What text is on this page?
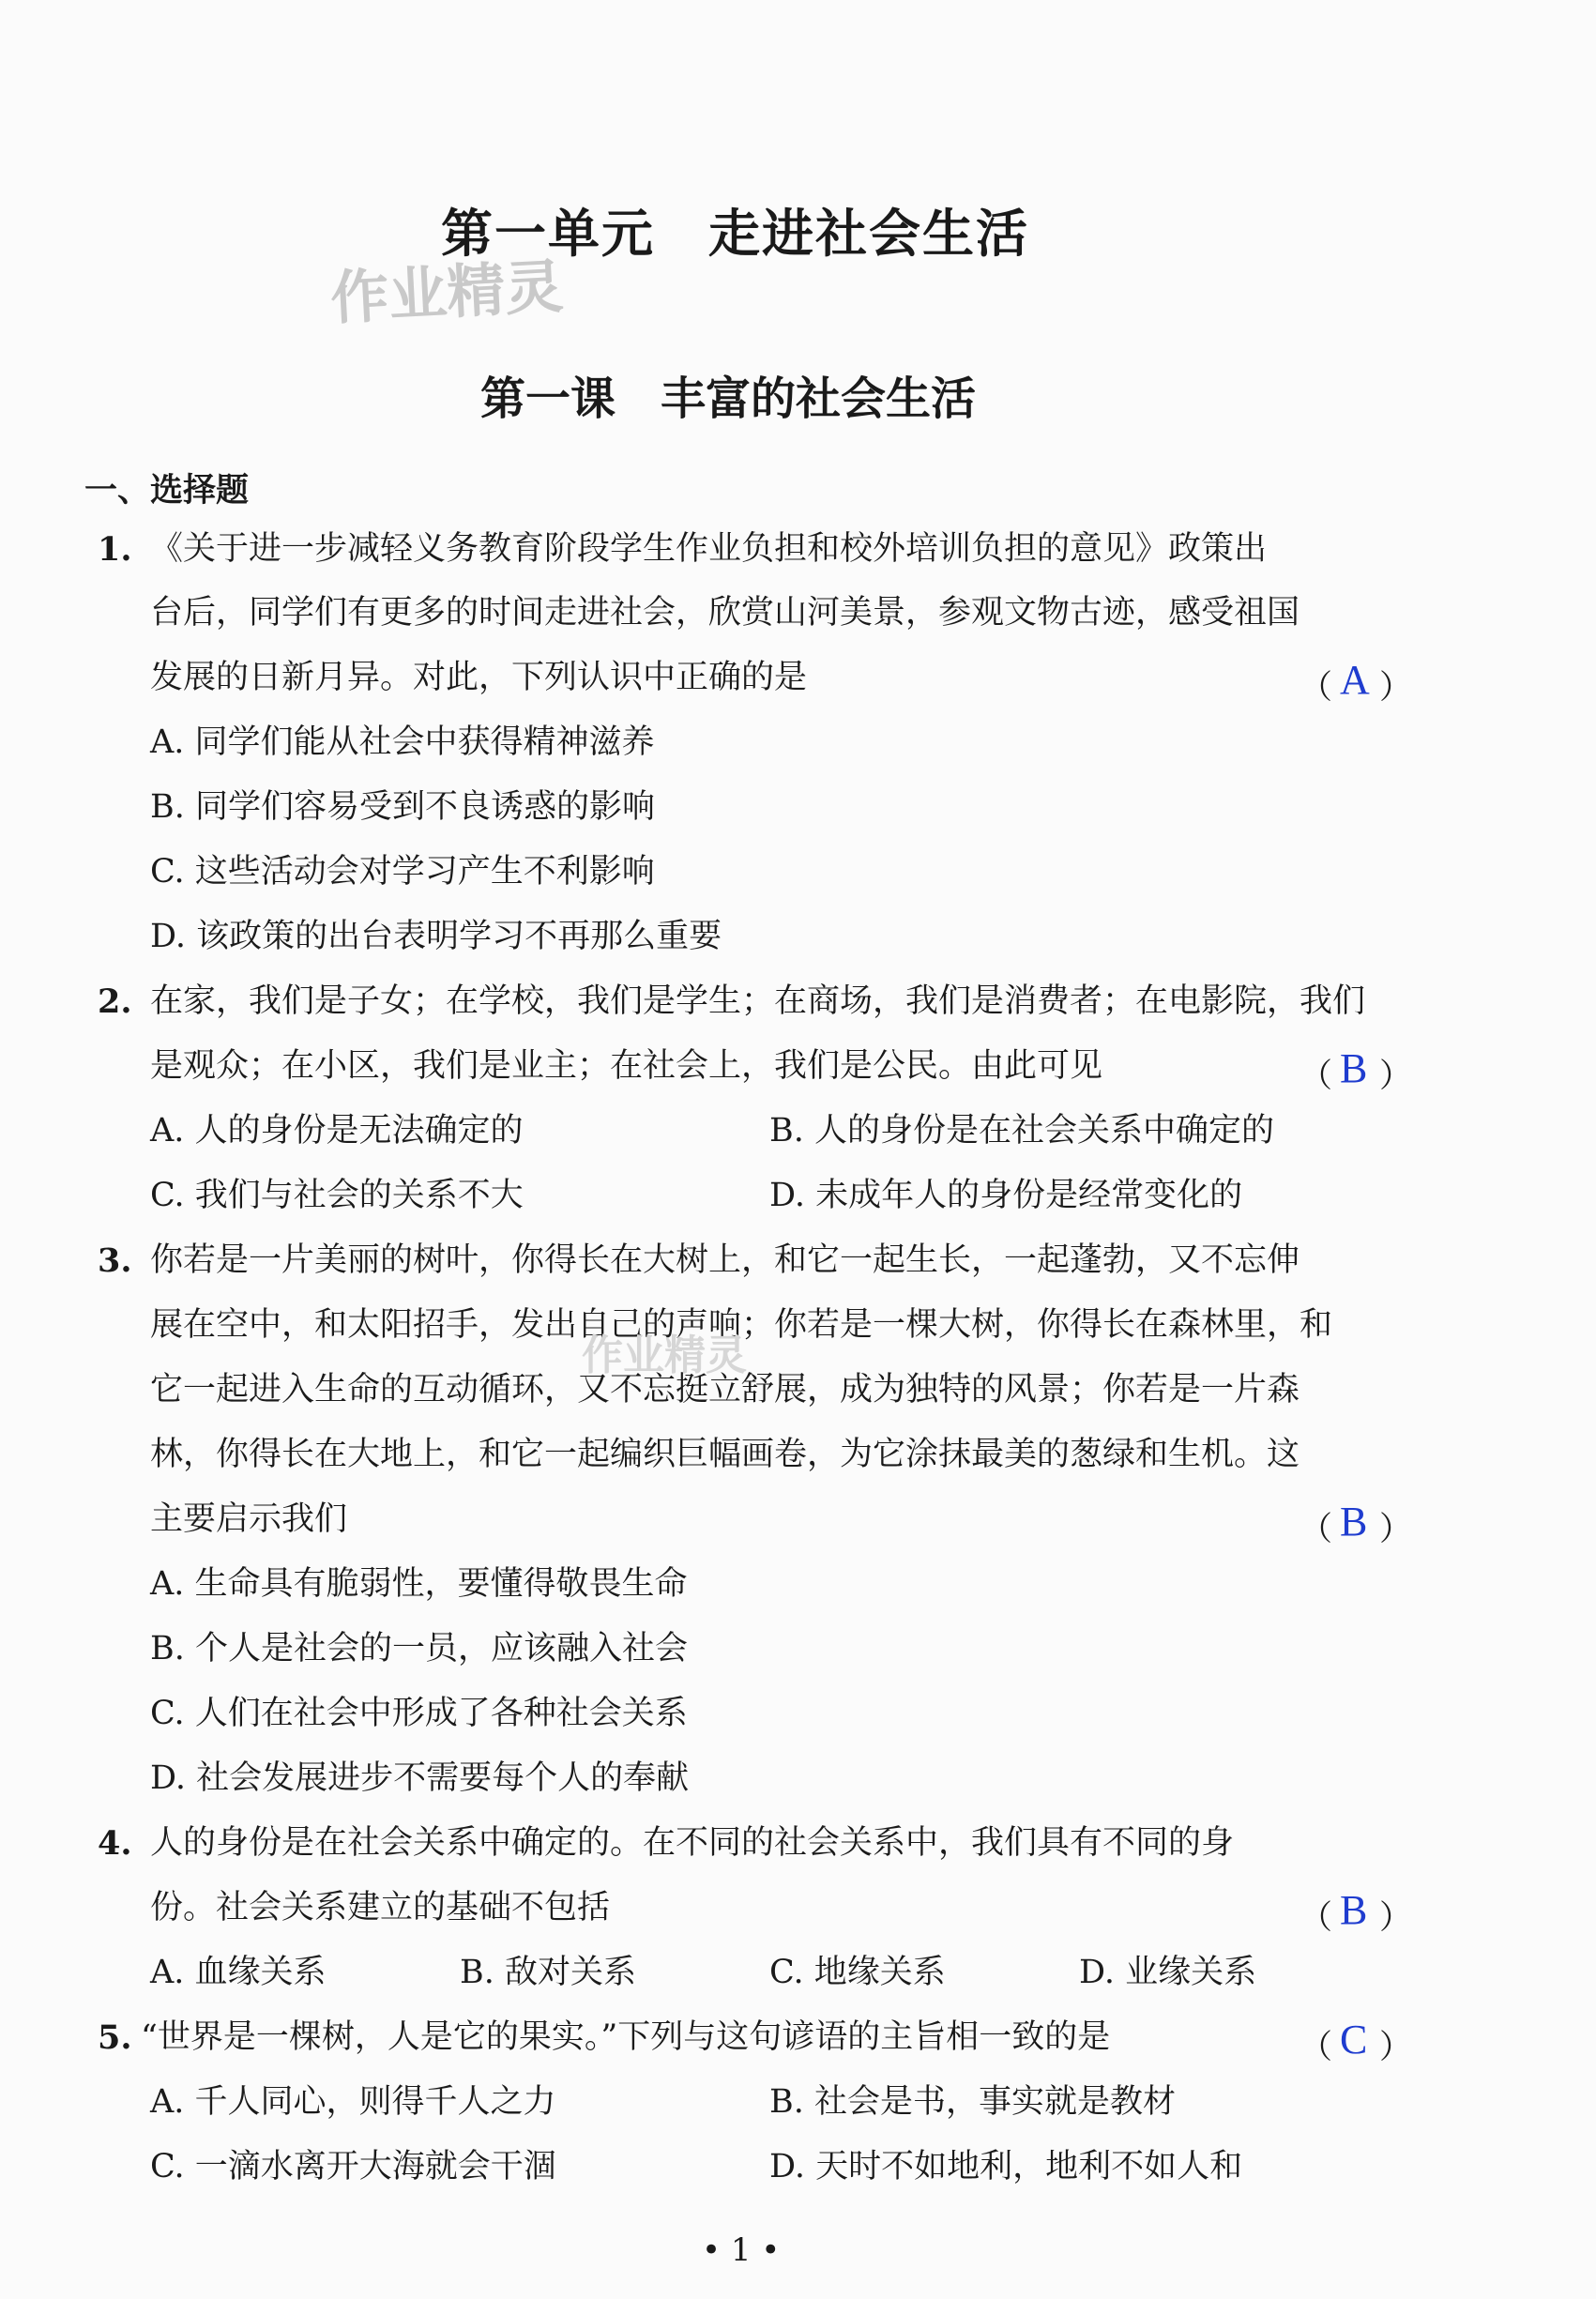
第一单元　走进社会生活
作业精灵
第一课　丰富的社会生活
一、选择题
1. 《关于进一步减轻义务教育阶段学生作业负担和校外培训负担的意见》政策出
台后，同学们有更多的时间走进社会，欣赏山河美景，参观文物古迹，感受祖国
发展的日新月异。对此，下列认识中正确的是	（ A ）
A. 同学们能从社会中获得精神滋养
B. 同学们容易受到不良诱惑的影响
C. 这些活动会对学习产生不利影响
D. 该政策的出台表明学习不再那么重要
2. 在家，我们是子女；在学校，我们是学生；在商场，我们是消费者；在电影院，我们
是观众；在小区，我们是业主；在社会上，我们是公民。由此可见	（ B ）
A. 人的身份是无法确定的	B. 人的身份是在社会关系中确定的
C. 我们与社会的关系不大	D. 未成年人的身份是经常变化的
3. 你若是一片美丽的树叶，你得长在大树上，和它一起生长，一起蓬勃，又不忘伸
展在空中，和太阳招手，发出自己的声响；你若是一棵大树，你得长在森林里，和
它一起进入生命的互动循环，又不忘挺立舒展，成为独特的风景；你若是一片森
林，你得长在大地上，和它一起编织巨幅画卷，为它涂抹最美的葱绿和生机。这
主要启示我们	（ B ）
作业精灵
A. 生命具有脆弱性，要懂得敬畏生命
B. 个人是社会的一员，应该融入社会
C. 人们在社会中形成了各种社会关系
D. 社会发展进步不需要每个人的奉献
4. 人的身份是在社会关系中确定的。在不同的社会关系中，我们具有不同的身
份。社会关系建立的基础不包括	（ B ）
A. 血缘关系	B. 敌对关系	C. 地缘关系	D. 业缘关系
5. “世界是一棵树，人是它的果实。”下列与这句谚语的主旨相一致的是	（ C ）
A. 千人同心，则得千人之力	B. 社会是书，事实就是教材
C. 一滴水离开大海就会干涸	D. 天时不如地利，地利不如人和
• 1 •
